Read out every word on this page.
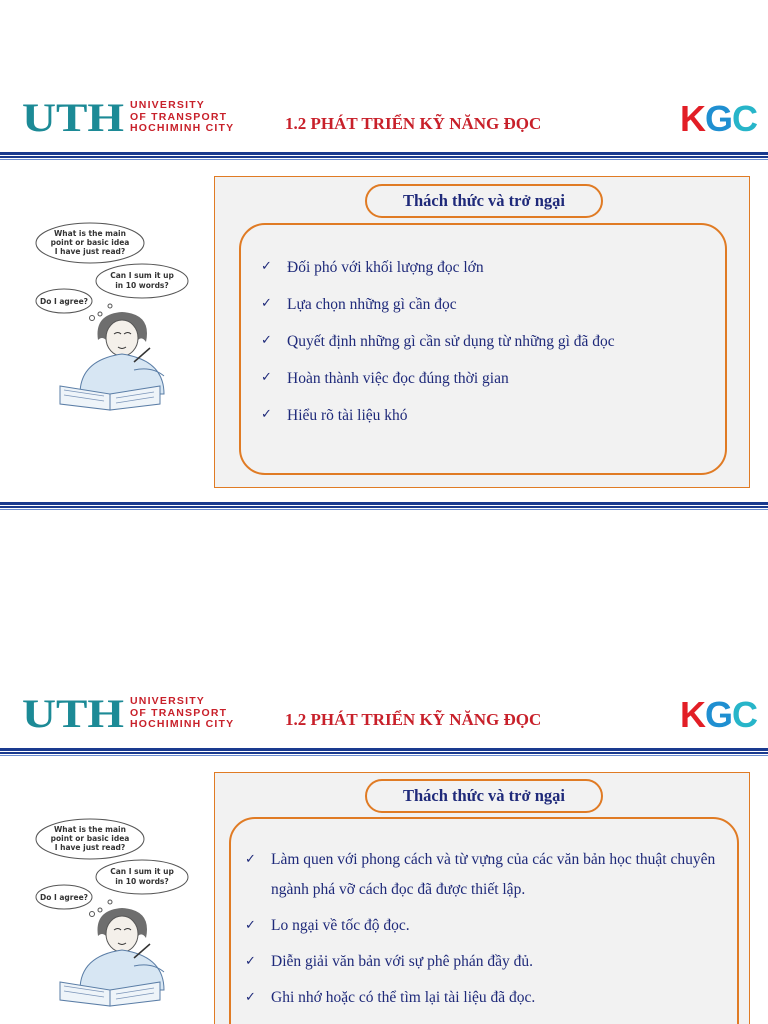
UTH UNIVERSITY
OF TRANSPORT
HOCHIMINH CITY	1.2 PHÁT TRIỂN KỸ NĂNG ĐỌC	KGC
What is the main
point or basic idea
I have just read?
Can I sum it up
in 10 words?
Do I agree?
Thách thức và trở ngại
✓ Đối phó với khối lượng đọc lớn
✓ Lựa chọn những gì cần đọc
✓ Quyết định những gì cần sử dụng từ những gì đã đọc
✓ Hoàn thành việc đọc đúng thời gian
✓ Hiểu rõ tài liệu khó
UTH UNIVERSITY
OF TRANSPORT
HOCHIMINH CITY	1.2 PHÁT TRIỂN KỸ NĂNG ĐỌC	KGC
What is the main
point or basic idea
I have just read?
Can I sum it up
in 10 words?
Do I agree?
Thách thức và trở ngại
✓ Làm quen với phong cách và từ vựng của các văn bản học thuật chuyên ngành phá vỡ cách đọc đã được thiết lập.
✓ Lo ngại về tốc độ đọc.
✓ Diễn giải văn bản với sự phê phán đầy đủ.
✓ Ghi nhớ hoặc có thể tìm lại tài liệu đã đọc.
